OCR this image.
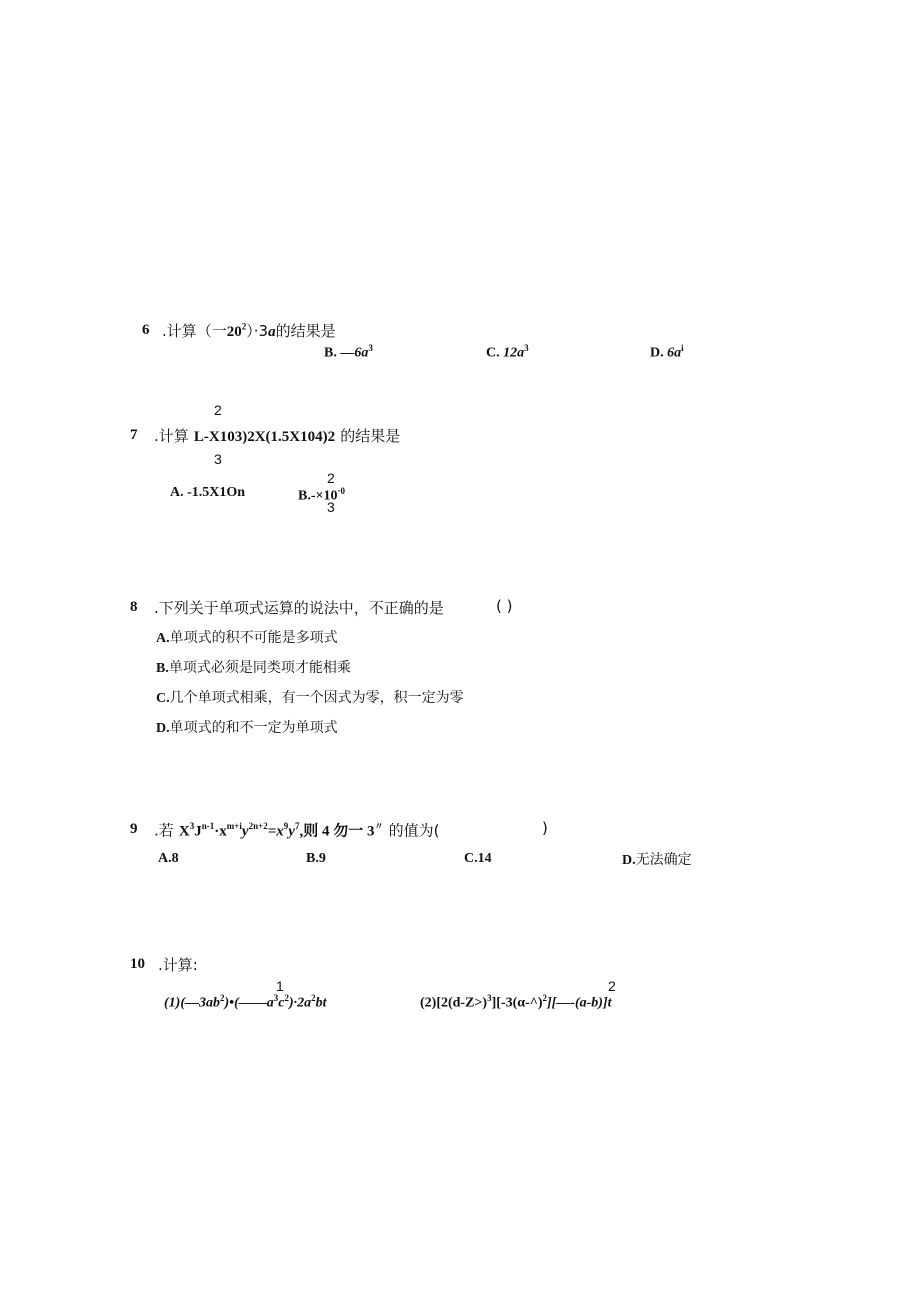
6 .计算（一$20^2)\cdot 3a$的结果是
B. $—6a^3$	C. $12a^3$	D. $6a^i$
2
7 .计算 L-X103)2X(1.5X104)2 的结果是
3
A. -1.5X1On	$B.-\times 10^{\cdot 0}$
2
3
8 .下列关于单项式运算的说法中，不正确的是	( )
A.单项式的积不可能是多项式
B.单项式必须是同类项才能相乘
C.几个单项式相乘，有一个因式为零，积一定为零
D.单项式的和不一定为单项式
9 .若 $X^3J^{n-1}\cdot x^{m+i}y^{2n+2}=x^9y^7$,则 4 勿一 3〃 的值为(	)
A.8	B.9	C.14	D.无法确定
10 .计算:
1
$(1)(—3ab^2)•(——a^3c^2)\cdot 2a^2bt$
2
(2)[2(d-Z>)$^3$][-3(α-^)$^2$][—-(a-b)]t
